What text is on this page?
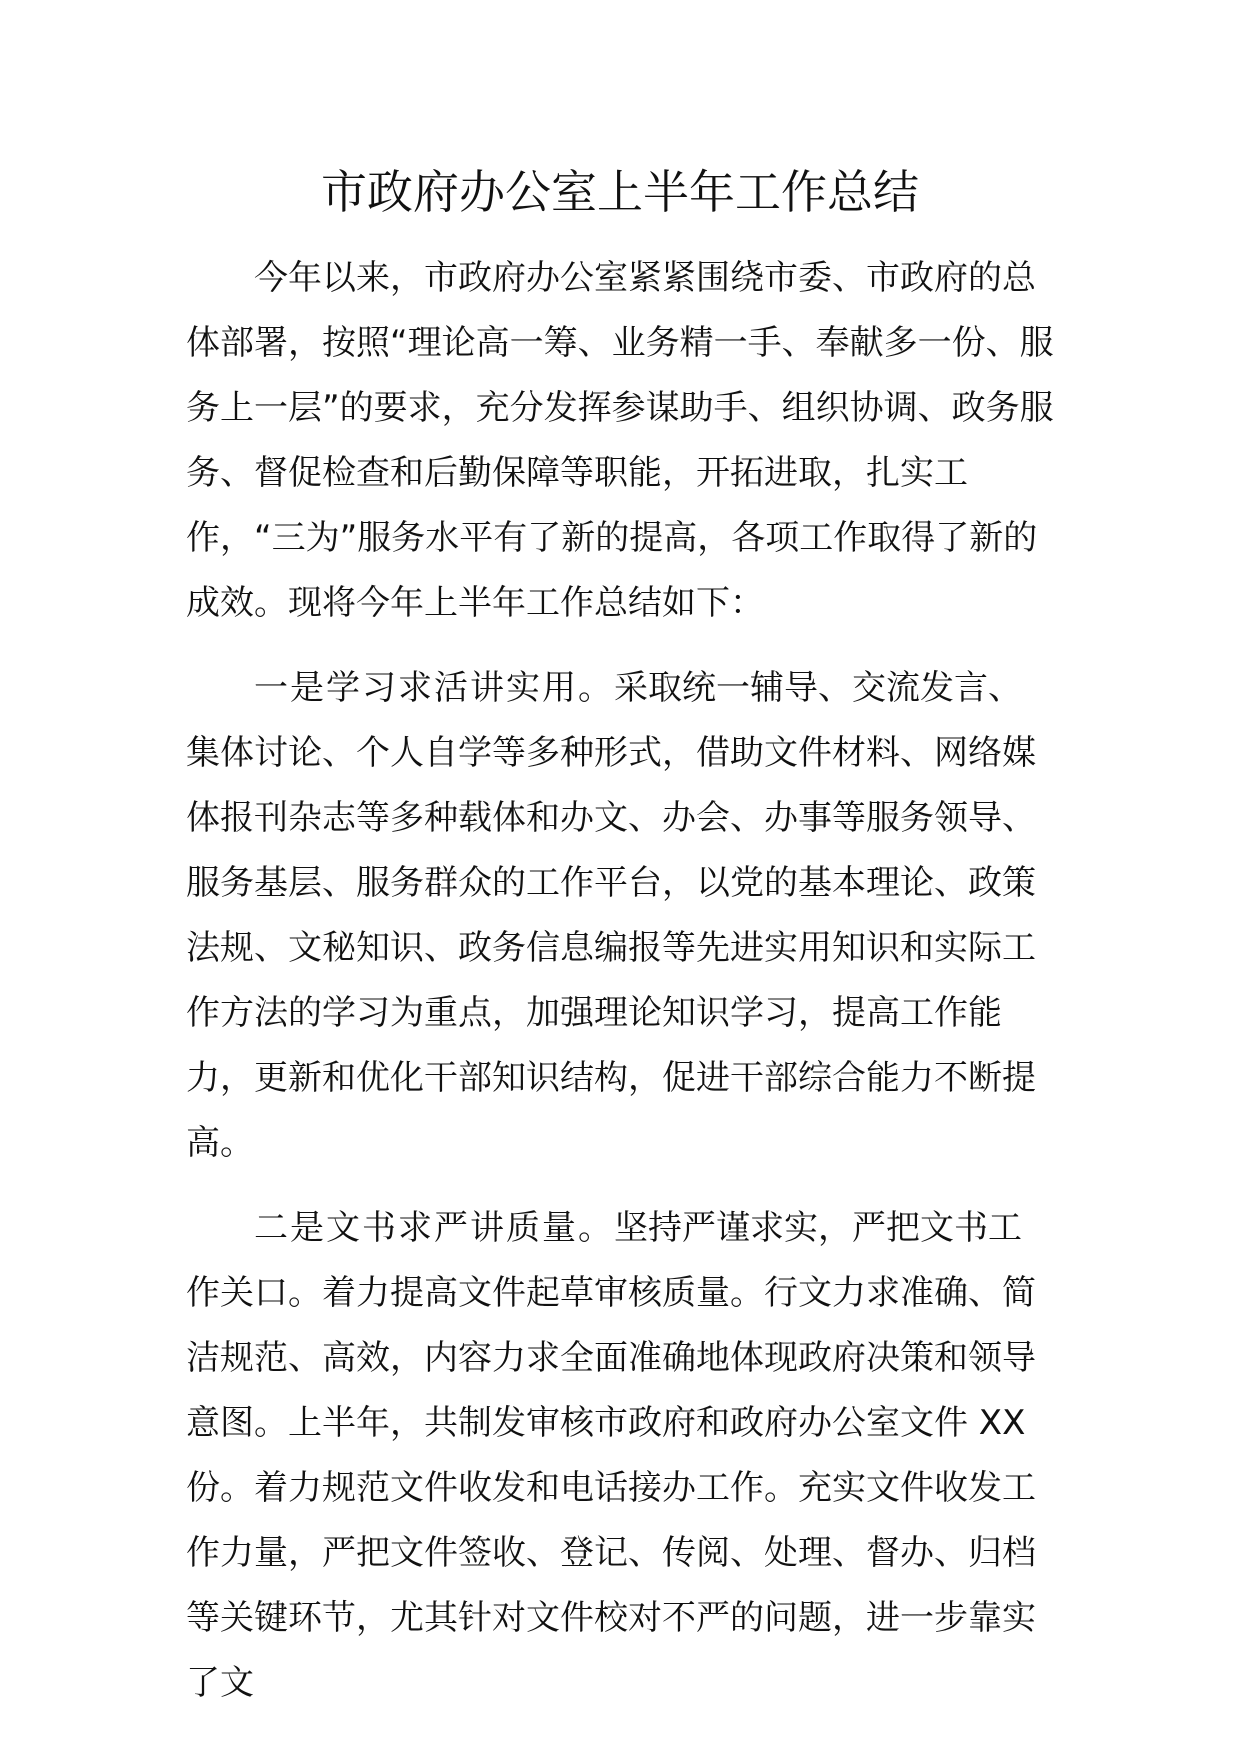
市政府办公室上半年工作总结

今年以来，市政府办公室紧紧围绕市委、市政府的总体部署，按照“理论高一筹、业务精一手、奉献多一份、服务上一层”的要求，充分发挥参谋助手、组织协调、政务服务、督促检查和后勤保障等职能，开拓进取，扎实工作，“三为”服务水平有了新的提高，各项工作取得了新的成效。现将今年上半年工作总结如下：

一是学习求活讲实用。采取统一辅导、交流发言、集体讨论、个人自学等多种形式，借助文件材料、网络媒体报刊杂志等多种载体和办文、办会、办事等服务领导、服务基层、服务群众的工作平台，以党的基本理论、政策法规、文秘知识、政务信息编报等先进实用知识和实际工作方法的学习为重点，加强理论知识学习，提高工作能力，更新和优化干部知识结构，促进干部综合能力不断提高。

二是文书求严讲质量。坚持严谨求实，严把文书工作关口。着力提高文件起草审核质量。行文力求准确、简洁规范、高效，内容力求全面准确地体现政府决策和领导意图。上半年，共制发审核市政府和政府办公室文件 XX 份。着力规范文件收发和电话接办工作。充实文件收发工作力量，严把文件签收、登记、传阅、处理、督办、归档等关键环节，尤其针对文件校对不严的问题，进一步靠实了文
